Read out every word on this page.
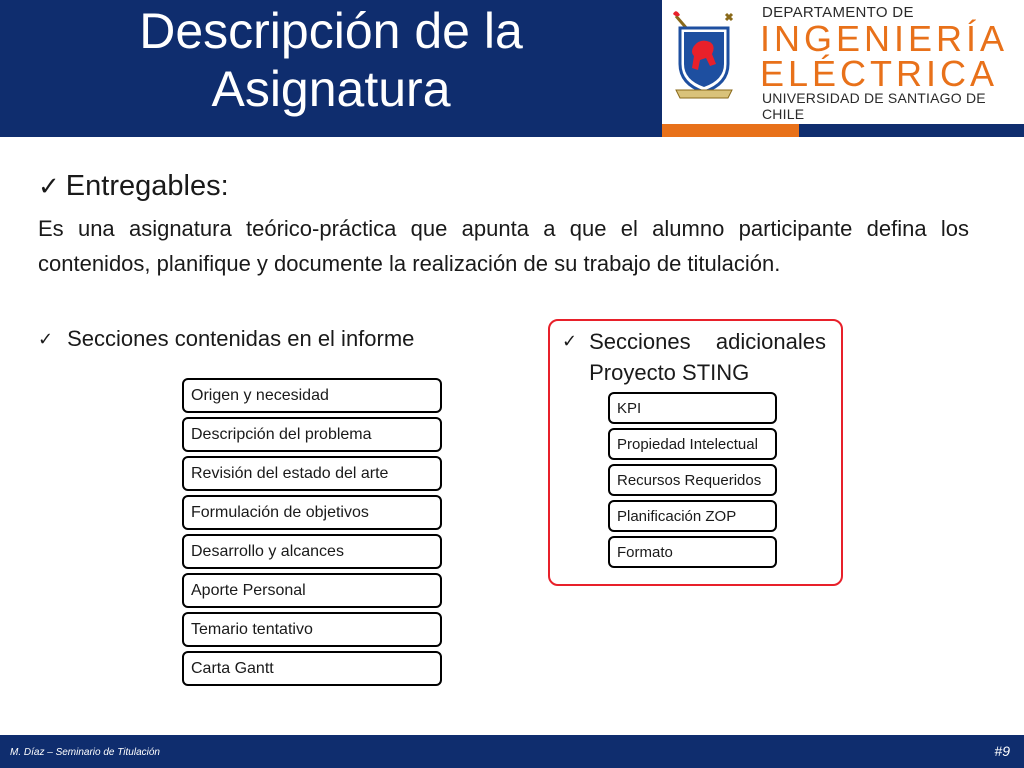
Descripción de la
Asignatura
DEPARTAMENTO DE
INGENIERÍA
ELÉCTRICA
UNIVERSIDAD DE SANTIAGO DE CHILE
✓ Entregables:
Es una asignatura teórico-práctica que apunta a que el alumno participante defina los contenidos, planifique y documente la realización de su trabajo de titulación.
✓ Secciones contenidas en el informe
Origen y necesidad
Descripción del problema
Revisión del estado del arte
Formulación de objetivos
Desarrollo y alcances
Aporte Personal
Temario tentativo
Carta Gantt
✓ Secciones adicionales
Proyecto STING
KPI
Propiedad Intelectual
Recursos Requeridos
Planificación ZOP
Formato
M. Díaz – Seminario de Titulación	#9
